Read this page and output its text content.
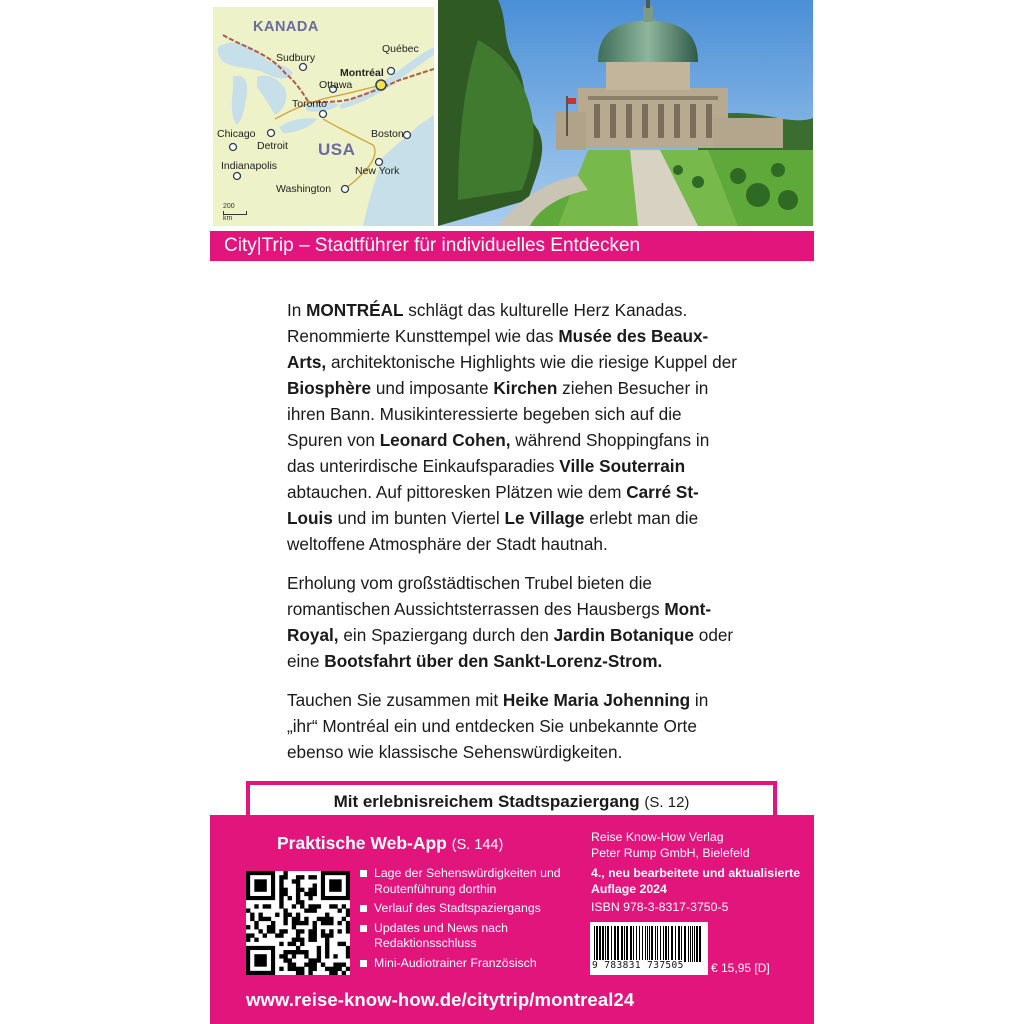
KANADA
USA
Québec
Sudbury
Montréal
Ottawa
Toronto
Chicago
Detroit
Boston
Indianapolis	New York
Washington
200
km
City|Trip – Stadtführer für individuelles Entdecken

In MONTRÉAL schlägt das kulturelle Herz Kanadas. Renommierte Kunsttempel wie das Musée des Beaux-Arts, architektonische Highlights wie die riesige Kuppel der Biosphère und imposante Kirchen ziehen Besucher in ihren Bann. Musikinteressierte begeben sich auf die Spuren von Leonard Cohen, während Shoppingfans in das unterirdische Einkaufsparadies Ville Souterrain abtauchen. Auf pittoresken Plätzen wie dem Carré St-Louis und im bunten Viertel Le Village erlebt man die weltoffene Atmosphäre der Stadt hautnah.

Erholung vom großstädtischen Trubel bieten die romantischen Aussichtsterrassen des Hausbergs Mont-Royal, ein Spaziergang durch den Jardin Botanique oder eine Bootsfahrt über den Sankt-Lorenz-Strom.

Tauchen Sie zusammen mit Heike Maria Johenning in „ihr“ Montréal ein und entdecken Sie unbekannte Orte ebenso wie klassische Sehenswürdigkeiten.

Mit erlebnisreichem Stadtspaziergang (S. 12)
Praktische Web-App (S. 144)
Lage der Sehenswürdigkeiten und Routenführung dorthin
Verlauf des Stadtspaziergangs
Updates und News nach Redaktionsschluss
Mini-Audiotrainer Französisch
Reise Know-How Verlag
Peter Rump GmbH, Bielefeld
4., neu bearbeitete und aktualisierte Auflage 2024
ISBN 978-3-8317-3750-5
9 783831 737505 € 15,95 [D]
www.reise-know-how.de/citytrip/montreal24
